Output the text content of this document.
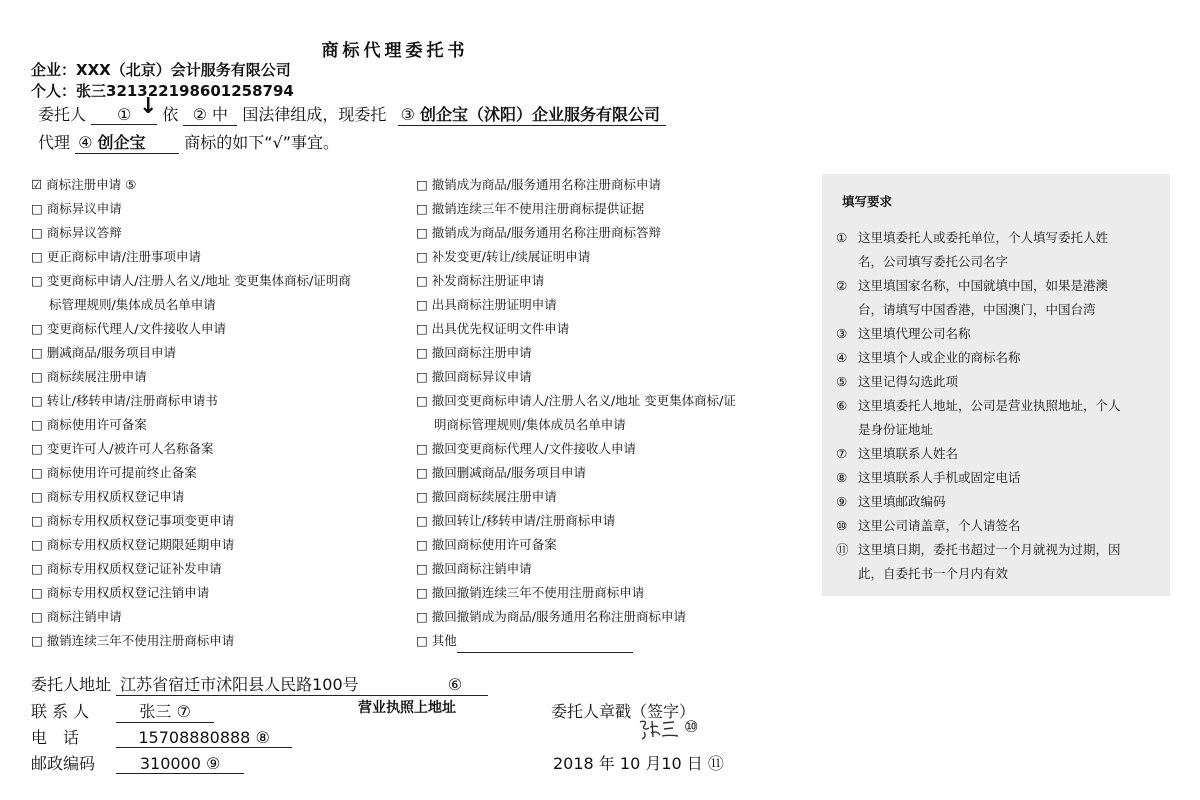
商标代理委托书
企业：XXX（北京）会计服务有限公司
个人：张三321322198601258794
↓
委托人 ① 依 ② 中 国法律组成，现委托 ③ 创企宝（沭阳）企业服务有限公司
代理 ④ 创企宝 商标的如下“√”事宜。
☑ 商标注册申请 ⑤
□ 商标异议申请
□ 商标异议答辩
□ 更正商标申请/注册事项申请
□ 变更商标申请人/注册人名义/地址 变更集体商标/证明商
标管理规则/集体成员名单申请
□ 变更商标代理人/文件接收人申请
□ 删减商品/服务项目申请
□ 商标续展注册申请
□ 转让/移转申请/注册商标申请书
□ 商标使用许可备案
□ 变更许可人/被许可人名称备案
□ 商标使用许可提前终止备案
□ 商标专用权质权登记申请
□ 商标专用权质权登记事项变更申请
□ 商标专用权质权登记期限延期申请
□ 商标专用权质权登记证补发申请
□ 商标专用权质权登记注销申请
□ 商标注销申请
□ 撤销连续三年不使用注册商标申请
□ 撤销成为商品/服务通用名称注册商标申请
□ 撤销连续三年不使用注册商标提供证据
□ 撤销成为商品/服务通用名称注册商标答辩
□ 补发变更/转让/续展证明申请
□ 补发商标注册证申请
□ 出具商标注册证明申请
□ 出具优先权证明文件申请
□ 撤回商标注册申请
□ 撤回商标异议申请
□ 撤回变更商标申请人/注册人名义/地址 变更集体商标/证
明商标管理规则/集体成员名单申请
□ 撤回变更商标代理人/文件接收人申请
□ 撤回删减商品/服务项目申请
□ 撤回商标续展注册申请
□ 撤回转让/移转申请/注册商标申请
□ 撤回商标使用许可备案
□ 撤回商标注销申请
□ 撤回撤销连续三年不使用注册商标申请
□ 撤回撤销成为商品/服务通用名称注册商标申请
□ 其他
填写要求
① 这里填委托人或委托单位，个人填写委托人姓
名，公司填写委托公司名字
② 这里填国家名称，中国就填中国，如果是港澳
台，请填写中国香港，中国澳门，中国台湾
③ 这里填代理公司名称
④ 这里填个人或企业的商标名称
⑤ 这里记得勾选此项
⑥ 这里填委托人地址，公司是营业执照地址，个人
是身份证地址
⑦ 这里填联系人姓名
⑧ 这里填联系人手机或固定电话
⑨ 这里填邮政编码
⑩ 这里公司请盖章，个人请签名
⑪ 这里填日期，委托书超过一个月就视为过期，因
此，自委托书一个月内有效
委托人地址 江苏省宿迁市沭阳县人民路100号	⑥
营业执照上地址
联 系 人	张三 ⑦
电　话	15708880888 ⑧
邮政编码	310000 ⑨
委托人章戳（签字）
⑩
2018 年 10 月10 日 ⑪
